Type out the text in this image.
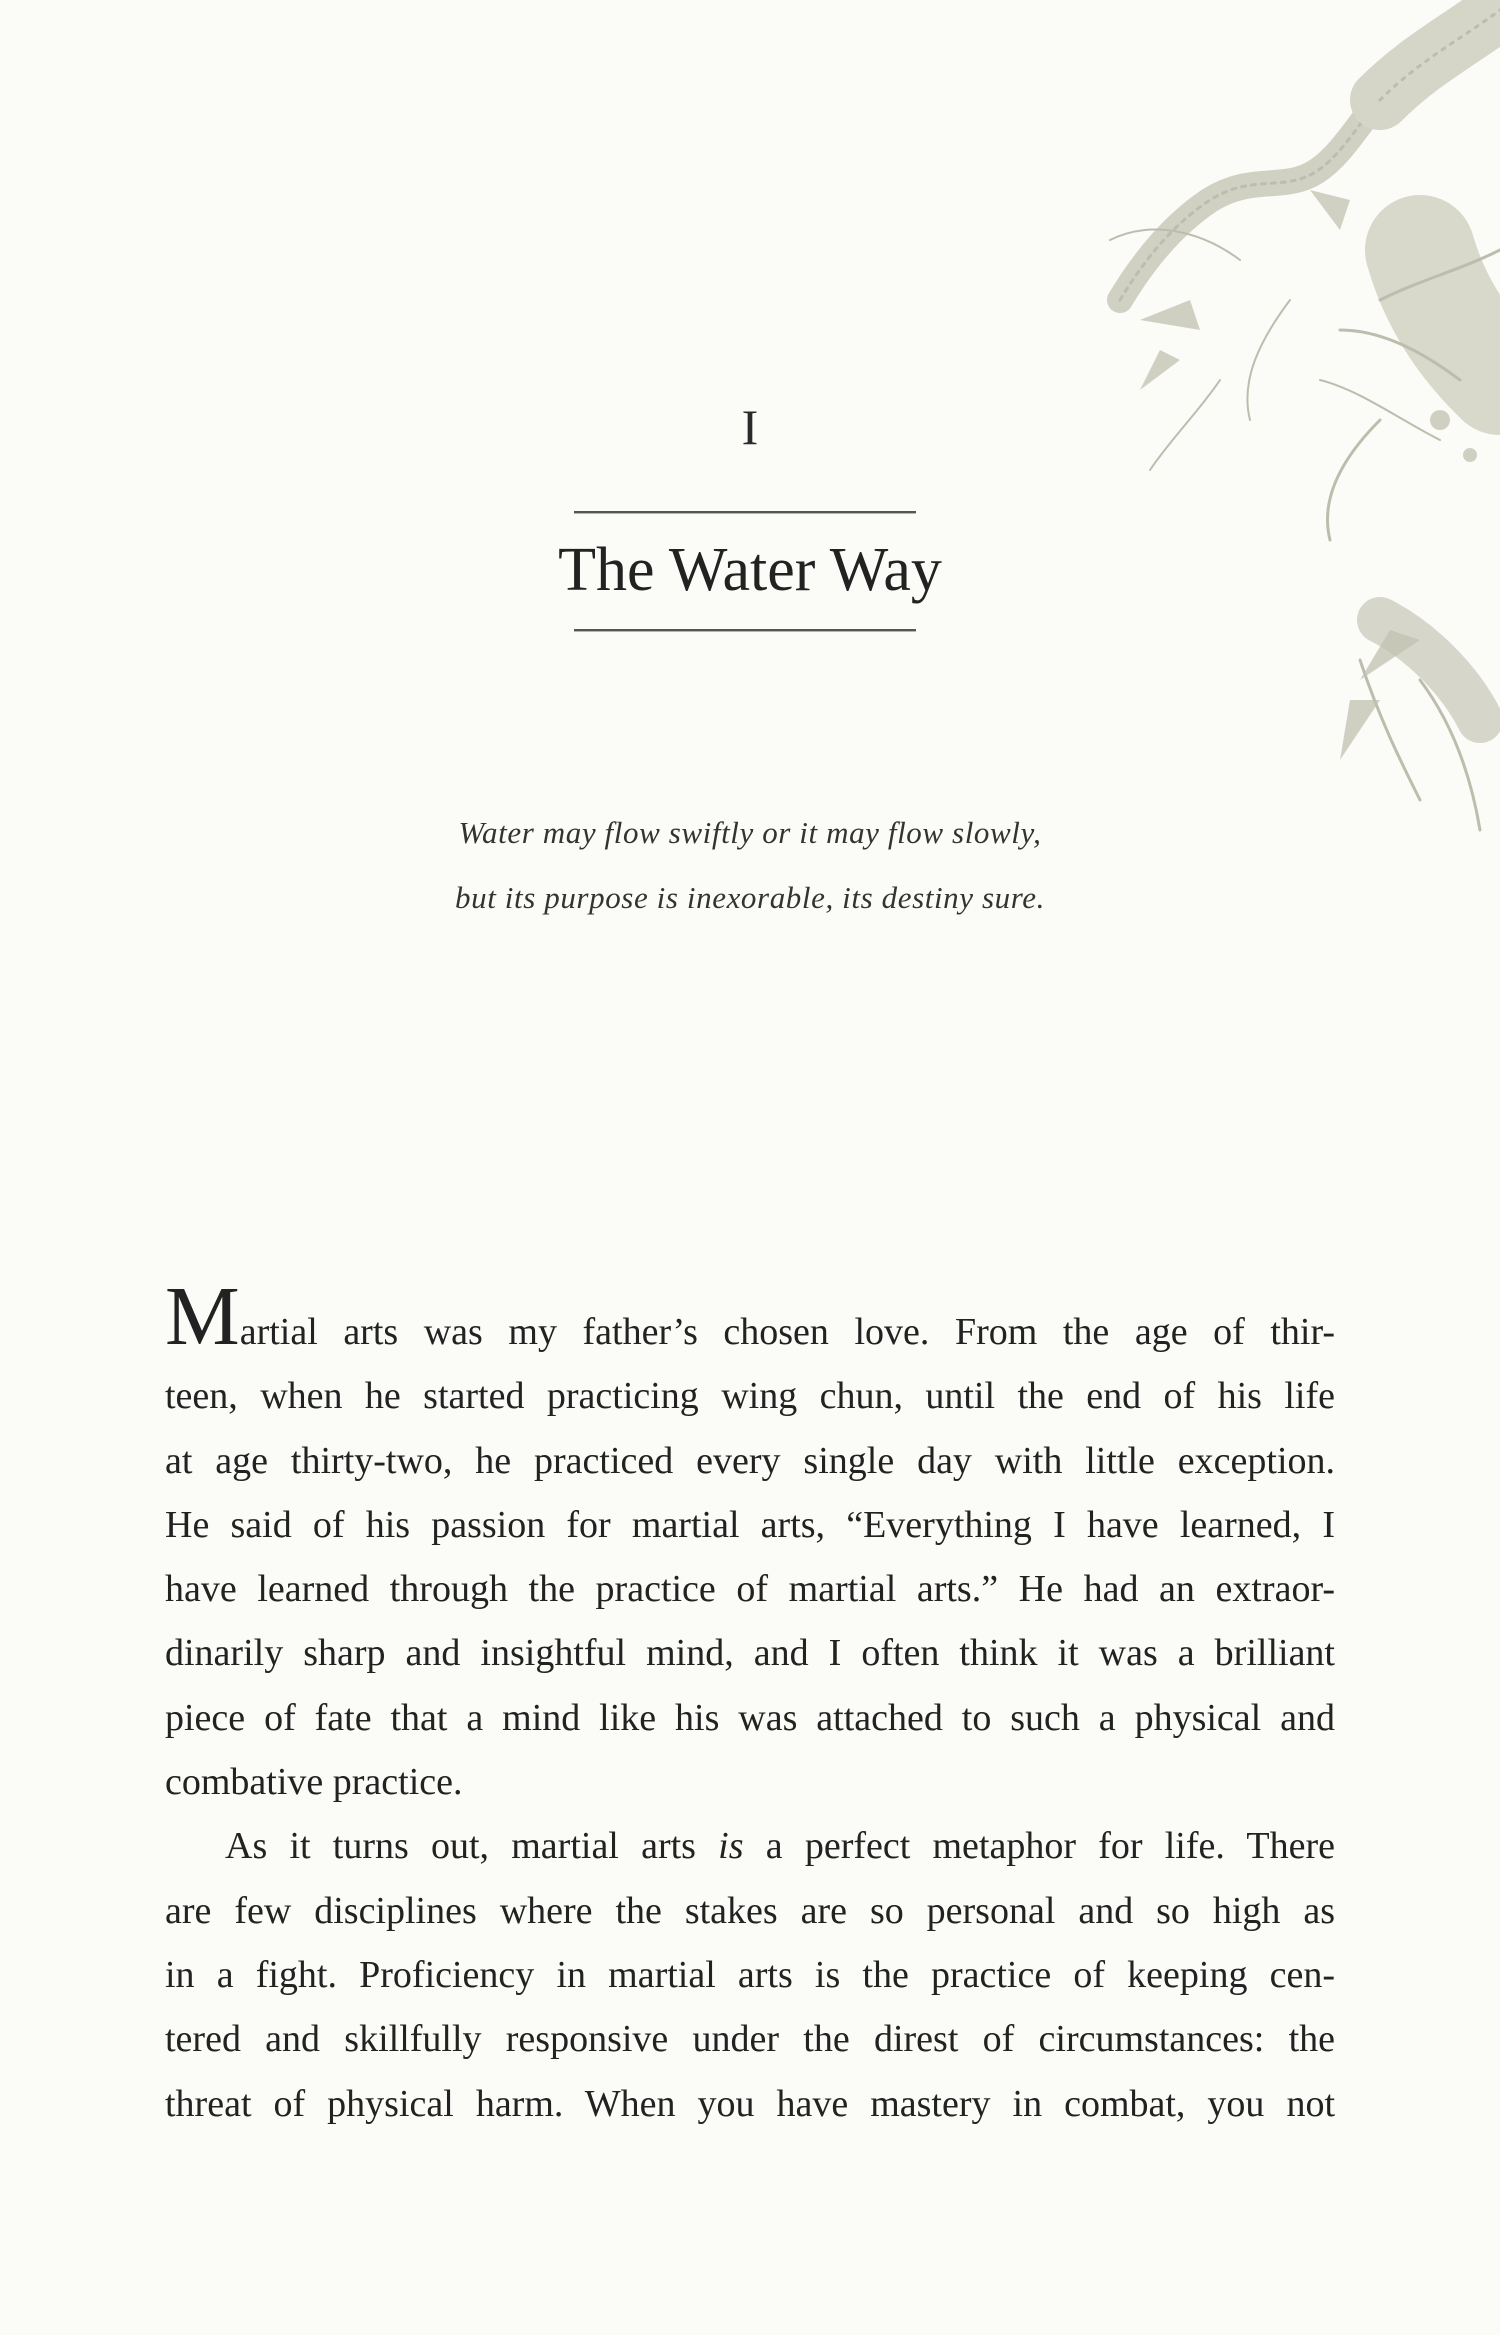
I
The Water Way
Water may flow swiftly or it may flow slowly,
but its purpose is inexorable, its destiny sure.

Martial arts was my father’s chosen love. From the age of thir-
teen, when he started practicing wing chun, until the end of his life
at age thirty-two, he practiced every single day with little exception.
He said of his passion for martial arts, “Everything I have learned, I
have learned through the practice of martial arts.” He had an extraor-
dinarily sharp and insightful mind, and I often think it was a brilliant
piece of fate that a mind like his was attached to such a physical and
combative practice.

As it turns out, martial arts is a perfect metaphor for life. There
are few disciplines where the stakes are so personal and so high as
in a fight. Proficiency in martial arts is the practice of keeping cen-
tered and skillfully responsive under the direst of circumstances: the
threat of physical harm. When you have mastery in combat, you not
